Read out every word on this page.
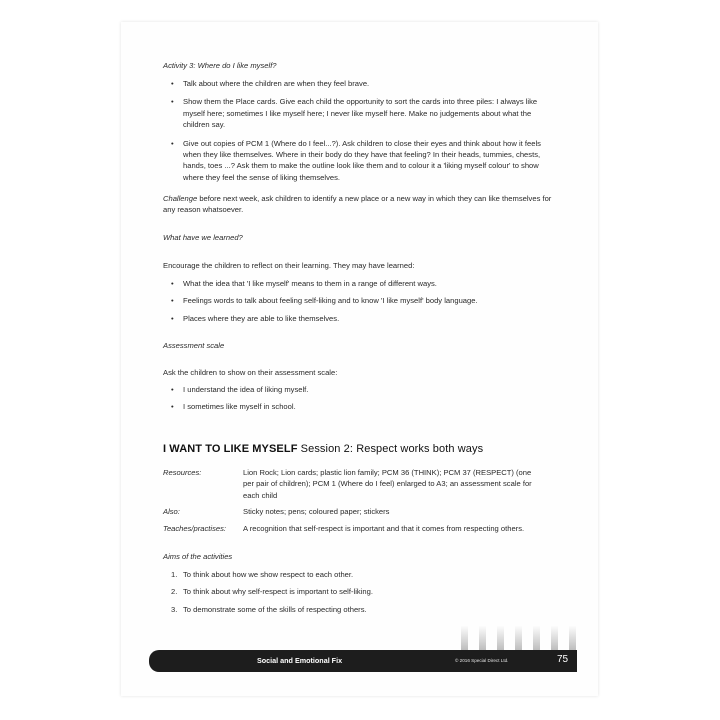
Activity 3: Where do I like myself?
• Talk about where the children are when they feel brave.
• Show them the Place cards. Give each child the opportunity to sort the cards into three piles: I always like myself here; sometimes I like myself here; I never like myself here. Make no judgements about what the children say.
• Give out copies of PCM 1 (Where do I feel...?). Ask children to close their eyes and think about how it feels when they like themselves. Where in their body do they have that feeling? In their heads, tummies, chests, hands, toes ...? Ask them to make the outline look like them and to colour it a 'liking myself colour' to show where they feel the sense of liking themselves.
Challenge before next week, ask children to identify a new place or a new way in which they can like themselves for any reason whatsoever.
What have we learned?
Encourage the children to reflect on their learning. They may have learned:
• What the idea that 'I like myself' means to them in a range of different ways.
• Feelings words to talk about feeling self-liking and to know 'I like myself' body language.
• Places where they are able to like themselves.
Assessment scale
Ask the children to show on their assessment scale:
• I understand the idea of liking myself.
• I sometimes like myself in school.
I WANT TO LIKE MYSELF Session 2: Respect works both ways
Resources:	Lion Rock; Lion cards; plastic lion family; PCM 36 (THINK); PCM 37 (RESPECT) (one per pair of children); PCM 1 (Where do I feel) enlarged to A3; an assessment scale for each child
Also:	Sticky notes; pens; coloured paper; stickers
Teaches/practises: A recognition that self-respect is important and that it comes from respecting others.
Aims of the activities
1. To think about how we show respect to each other.
2. To think about why self-respect is important to self-liking.
3. To demonstrate some of the skills of respecting others.
Social and Emotional Fix	© 2016 Special Direct Ltd.	75
